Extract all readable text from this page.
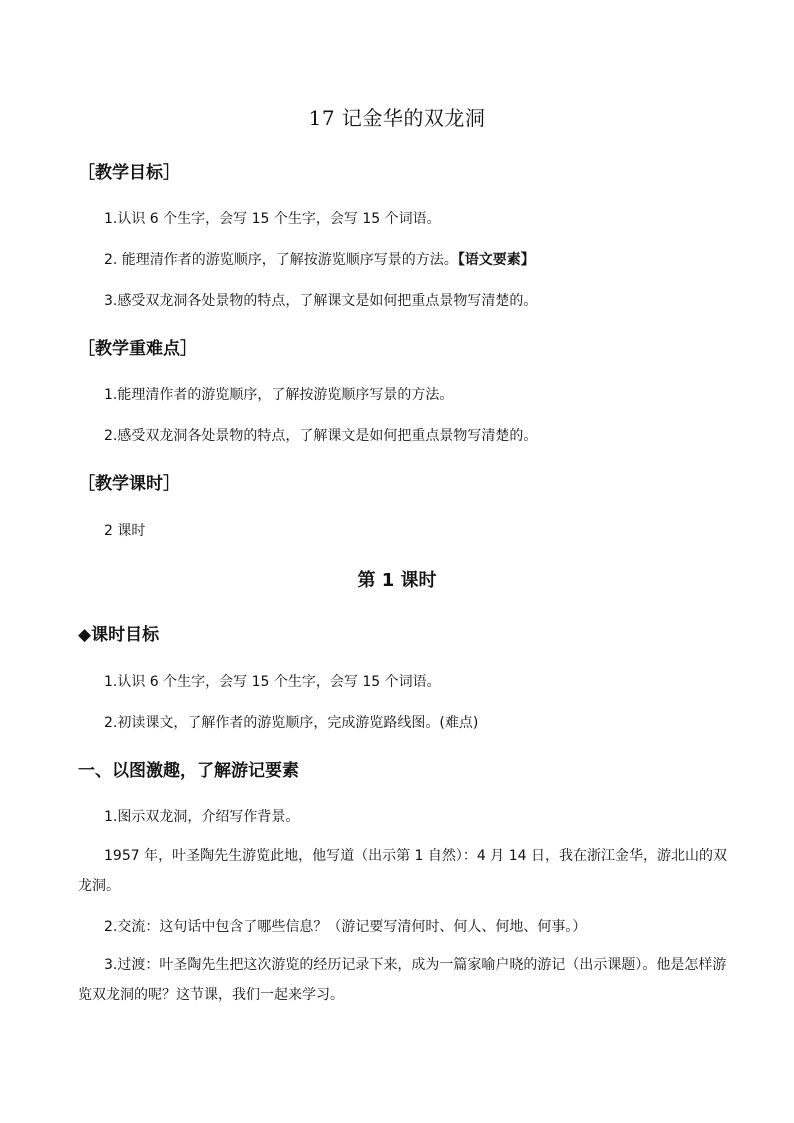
17 记金华的双龙洞
［教学目标］
1.认识 6 个生字，会写 15 个生字，会写 15 个词语。
2. 能理清作者的游览顺序，了解按游览顺序写景的方法。【语文要素】
3.感受双龙洞各处景物的特点，了解课文是如何把重点景物写清楚的。
［教学重难点］
1.能理清作者的游览顺序，了解按游览顺序写景的方法。
2.感受双龙洞各处景物的特点，了解课文是如何把重点景物写清楚的。
［教学课时］
2 课时
第 1 课时
◆课时目标
1.认识 6 个生字，会写 15 个生字，会写 15 个词语。
2.初读课文，了解作者的游览顺序，完成游览路线图。(难点)
一、以图激趣，了解游记要素
1.图示双龙洞，介绍写作背景。
1957 年，叶圣陶先生游览此地，他写道（出示第 1 自然）：4 月 14 日，我在浙江金华，游北山的双龙洞。
2.交流：这句话中包含了哪些信息？（游记要写清何时、何人、何地、何事。）
3.过渡：叶圣陶先生把这次游览的经历记录下来，成为一篇家喻户晓的游记（出示课题）。他是怎样游览双龙洞的呢？这节课，我们一起来学习。
